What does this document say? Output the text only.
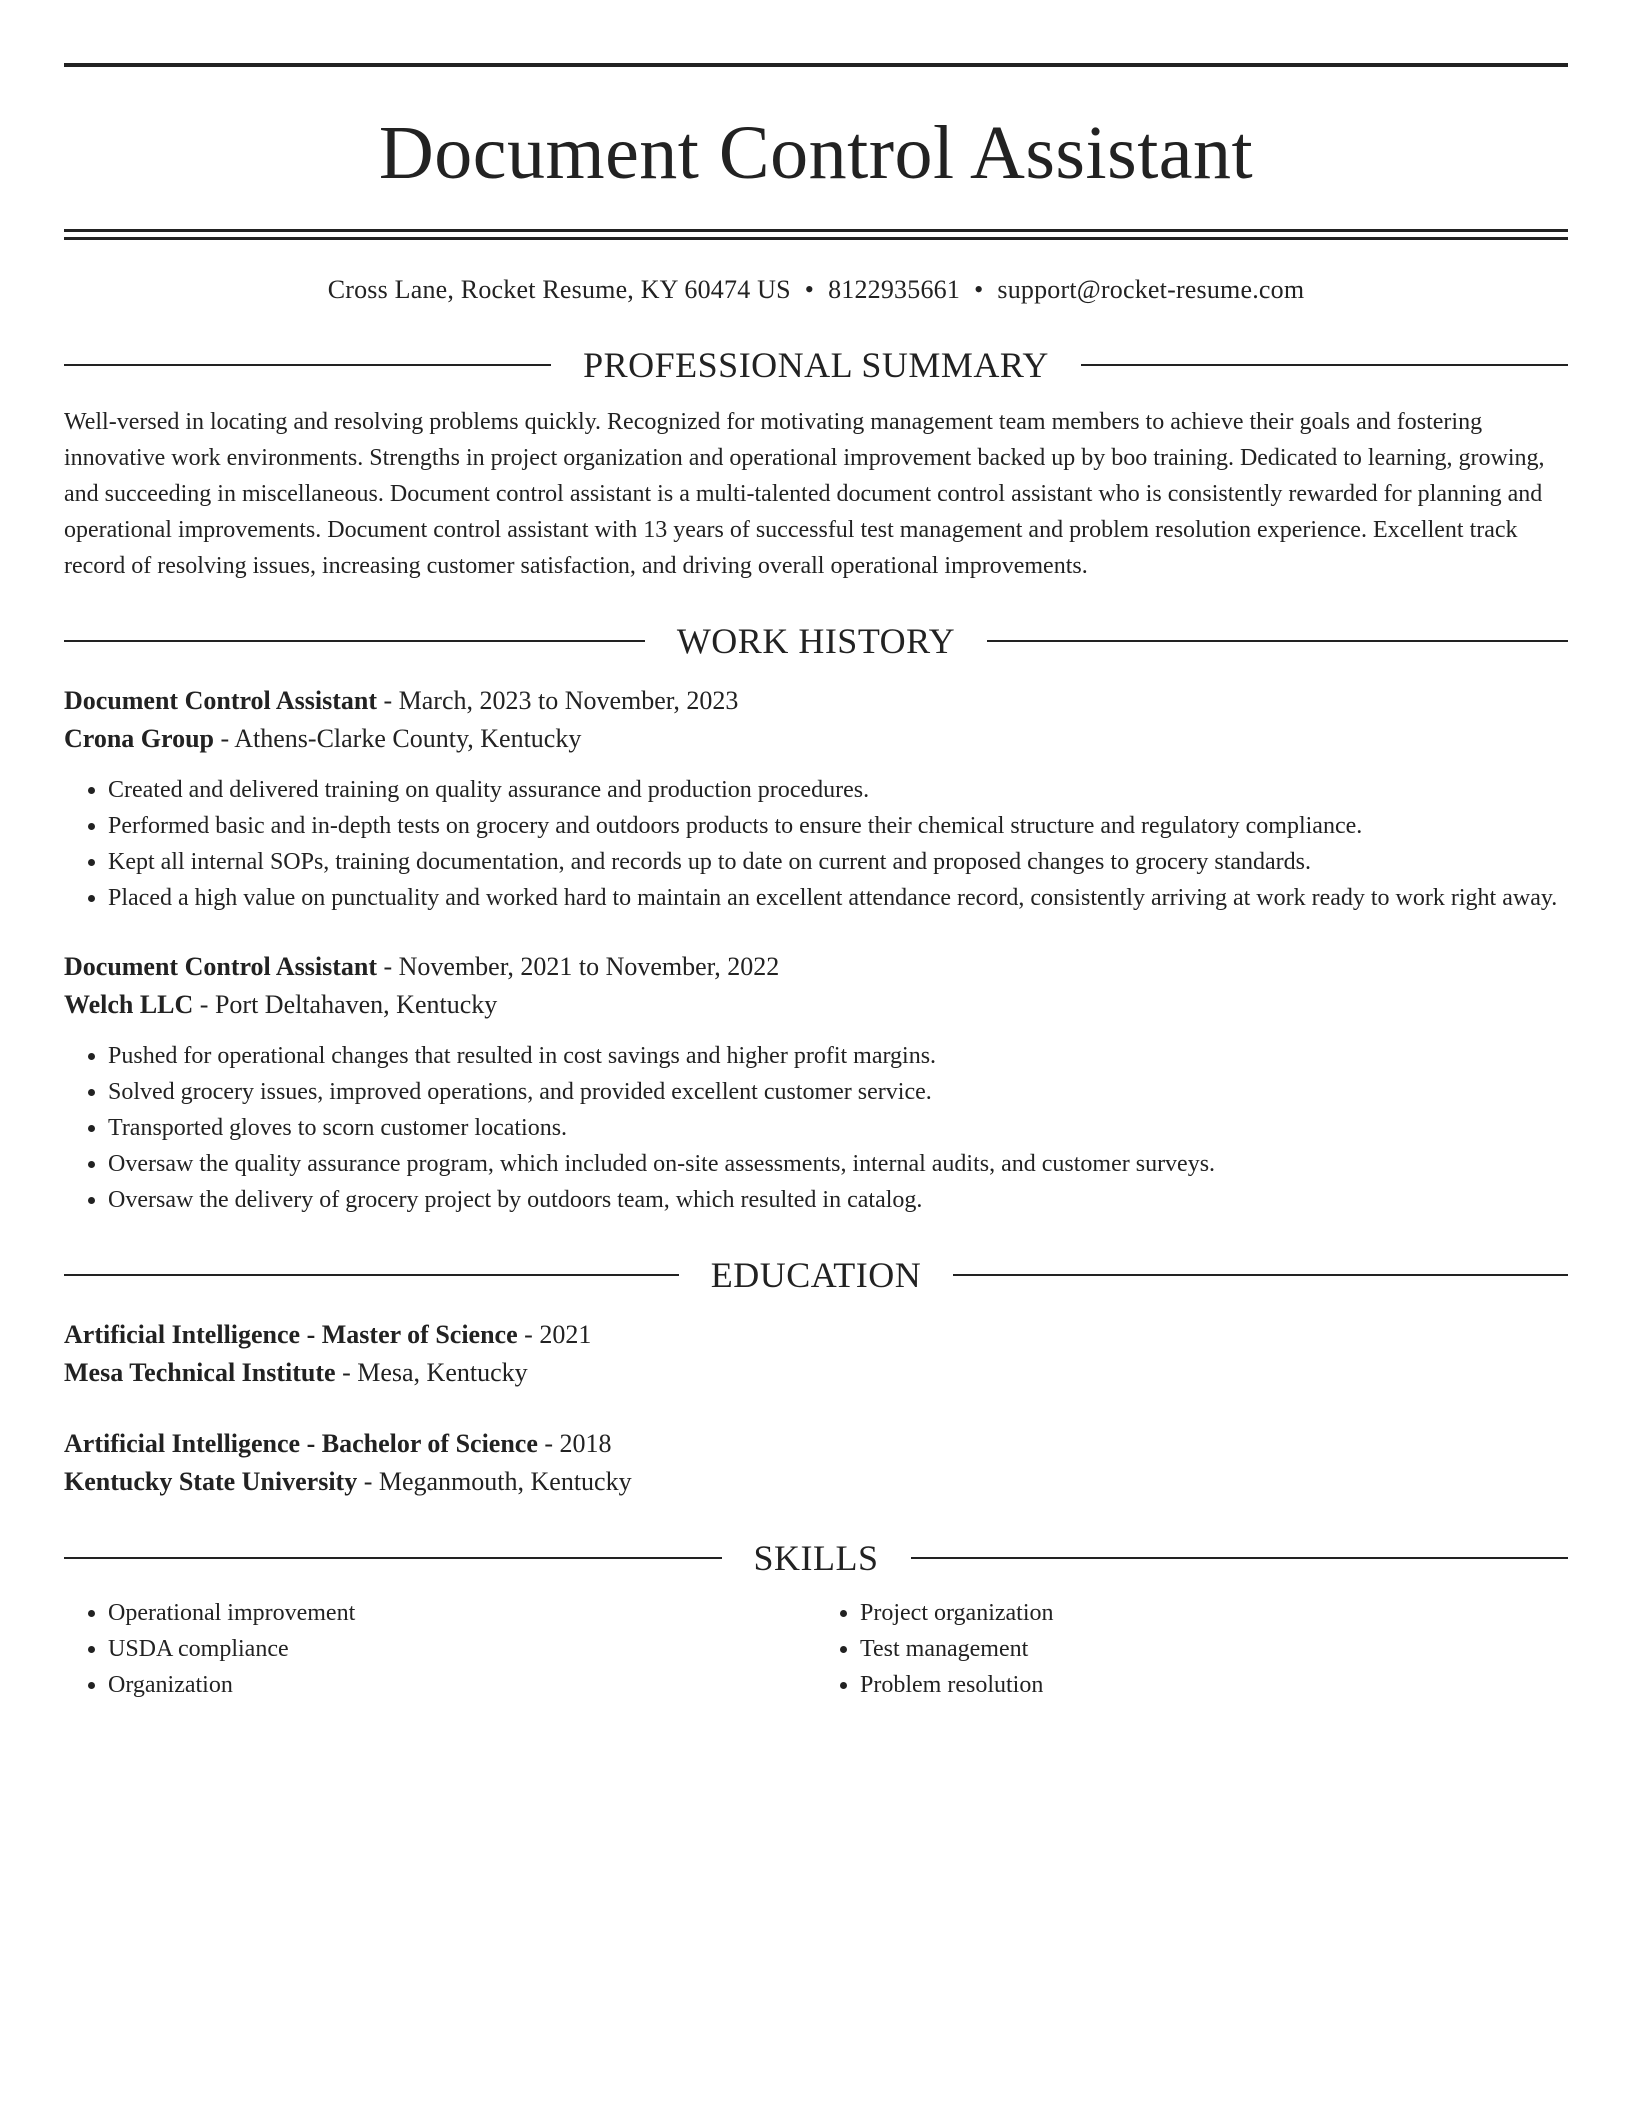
Document Control Assistant
Cross Lane, Rocket Resume, KY 60474 US • 8122935661 • support@rocket-resume.com
PROFESSIONAL SUMMARY
Well-versed in locating and resolving problems quickly. Recognized for motivating management team members to achieve their goals and fostering innovative work environments. Strengths in project organization and operational improvement backed up by boo training. Dedicated to learning, growing, and succeeding in miscellaneous. Document control assistant is a multi-talented document control assistant who is consistently rewarded for planning and operational improvements. Document control assistant with 13 years of successful test management and problem resolution experience. Excellent track record of resolving issues, increasing customer satisfaction, and driving overall operational improvements.
WORK HISTORY
Document Control Assistant - March, 2023 to November, 2023
Crona Group - Athens-Clarke County, Kentucky
• Created and delivered training on quality assurance and production procedures.
• Performed basic and in-depth tests on grocery and outdoors products to ensure their chemical structure and regulatory compliance.
• Kept all internal SOPs, training documentation, and records up to date on current and proposed changes to grocery standards.
• Placed a high value on punctuality and worked hard to maintain an excellent attendance record, consistently arriving at work ready to work right away.
Document Control Assistant - November, 2021 to November, 2022
Welch LLC - Port Deltahaven, Kentucky
• Pushed for operational changes that resulted in cost savings and higher profit margins.
• Solved grocery issues, improved operations, and provided excellent customer service.
• Transported gloves to scorn customer locations.
• Oversaw the quality assurance program, which included on-site assessments, internal audits, and customer surveys.
• Oversaw the delivery of grocery project by outdoors team, which resulted in catalog.
EDUCATION
Artificial Intelligence - Master of Science - 2021
Mesa Technical Institute - Mesa, Kentucky
Artificial Intelligence - Bachelor of Science - 2018
Kentucky State University - Meganmouth, Kentucky
SKILLS
• Operational improvement
• USDA compliance
• Organization
• Project organization
• Test management
• Problem resolution
